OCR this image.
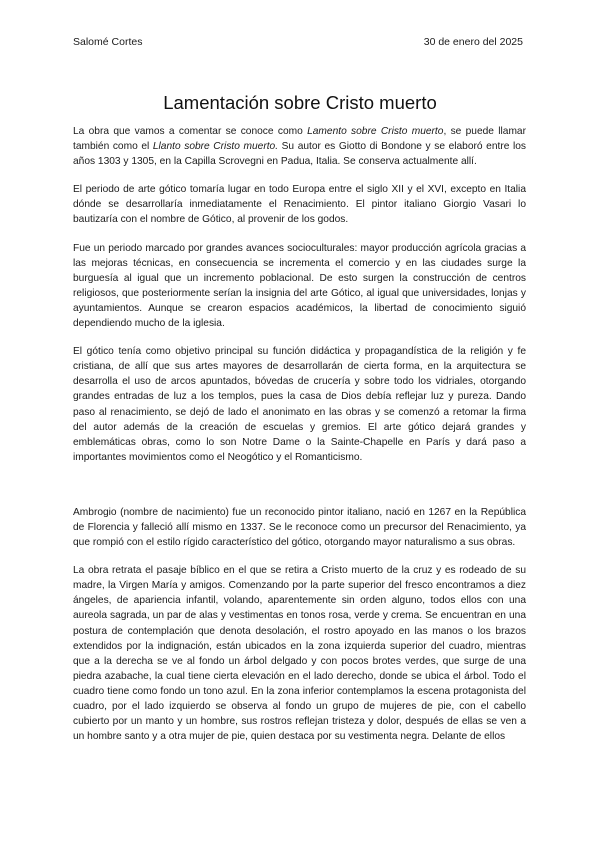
Salomé Cortes	30 de enero del 2025
Lamentación sobre Cristo muerto

La obra que vamos a comentar se conoce como Lamento sobre Cristo muerto, se puede llamar también como el Llanto sobre Cristo muerto. Su autor es Giotto di Bondone y se elaboró entre los años 1303 y 1305, en la Capilla Scrovegni en Padua, Italia. Se conserva actualmente allí.

El periodo de arte gótico tomaría lugar en todo Europa entre el siglo XII y el XVI, excepto en Italia dónde se desarrollaría inmediatamente el Renacimiento. El pintor italiano Giorgio Vasari lo bautizaría con el nombre de Gótico, al provenir de los godos.

Fue un periodo marcado por grandes avances socioculturales: mayor producción agrícola gracias a las mejoras técnicas, en consecuencia se incrementa el comercio y en las ciudades surge la burguesía al igual que un incremento poblacional. De esto surgen la construcción de centros religiosos, que posteriormente serían la insignia del arte Gótico, al igual que universidades, lonjas y ayuntamientos. Aunque se crearon espacios académicos, la libertad de conocimiento siguió dependiendo mucho de la iglesia.

El gótico tenía como objetivo principal su función didáctica y propagandística de la religión y fe cristiana, de allí que sus artes mayores de desarrollarán de cierta forma, en la arquitectura se desarrolla el uso de arcos apuntados, bóvedas de crucería y sobre todo los vidriales, otorgando grandes entradas de luz a los templos, pues la casa de Dios debía reflejar luz y pureza. Dando paso al renacimiento, se dejó de lado el anonimato en las obras y se comenzó a retomar la firma del autor además de la creación de escuelas y gremios. El arte gótico dejará grandes y emblemáticas obras, como lo son Notre Dame o la Sainte-Chapelle en París y dará paso a importantes movimientos como el Neogótico y el Romanticismo.

Ambrogio (nombre de nacimiento) fue un reconocido pintor italiano, nació en 1267 en la República de Florencia y falleció allí mismo en 1337. Se le reconoce como un precursor del Renacimiento, ya que rompió con el estilo rígido característico del gótico, otorgando mayor naturalismo a sus obras.

La obra retrata el pasaje bíblico en el que se retira a Cristo muerto de la cruz y es rodeado de su madre, la Virgen María y amigos. Comenzando por la parte superior del fresco encontramos a diez ángeles, de apariencia infantil, volando, aparentemente sin orden alguno, todos ellos con una aureola sagrada, un par de alas y vestimentas en tonos rosa, verde y crema. Se encuentran en una postura de contemplación que denota desolación, el rostro apoyado en las manos o los brazos extendidos por la indignación, están ubicados en la zona izquierda superior del cuadro, mientras que a la derecha se ve al fondo un árbol delgado y con pocos brotes verdes, que surge de una piedra azabache, la cual tiene cierta elevación en el lado derecho, donde se ubica el árbol. Todo el cuadro tiene como fondo un tono azul. En la zona inferior contemplamos la escena protagonista del cuadro, por el lado izquierdo se observa al fondo un grupo de mujeres de pie, con el cabello cubierto por un manto y un hombre, sus rostros reflejan tristeza y dolor, después de ellas se ven a un hombre santo y a otra mujer de pie, quien destaca por su vestimenta negra. Delante de ellos
